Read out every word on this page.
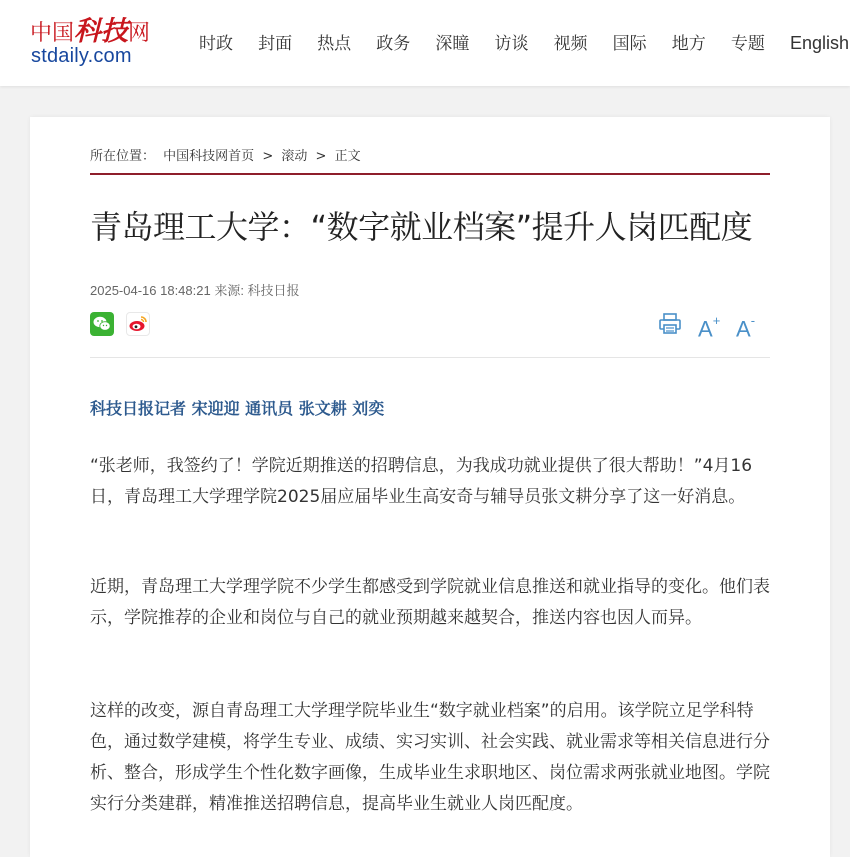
中国科技网
stdaily.com
时政 封面 热点 政务 深瞳 访谈 视频 国际 地方 专题 English
所在位置： 中国科技网首页 > 滚动 > 正文
青岛理工大学：“数字就业档案”提升人岗匹配度
2025-04-16 18:48:21 来源: 科技日报
A+ A-
科技日报记者 宋迎迎 通讯员 张文耕 刘奕

“张老师，我签约了！学院近期推送的招聘信息，为我成功就业提供了很大帮助！”4月16日，青岛理工大学理学院2025届应届毕业生高安奇与辅导员张文耕分享了这一好消息。

近期，青岛理工大学理学院不少学生都感受到学院就业信息推送和就业指导的变化。他们表示，学院推荐的企业和岗位与自己的就业预期越来越契合，推送内容也因人而异。

这样的改变，源自青岛理工大学理学院毕业生“数字就业档案”的启用。该学院立足学科特色，通过数学建模，将学生专业、成绩、实习实训、社会实践、就业需求等相关信息进行分析、整合，形成学生个性化数字画像，生成毕业生求职地区、岗位需求两张就业地图。学院实行分类建群，精准推送招聘信息，提高毕业生就业人岗匹配度。
